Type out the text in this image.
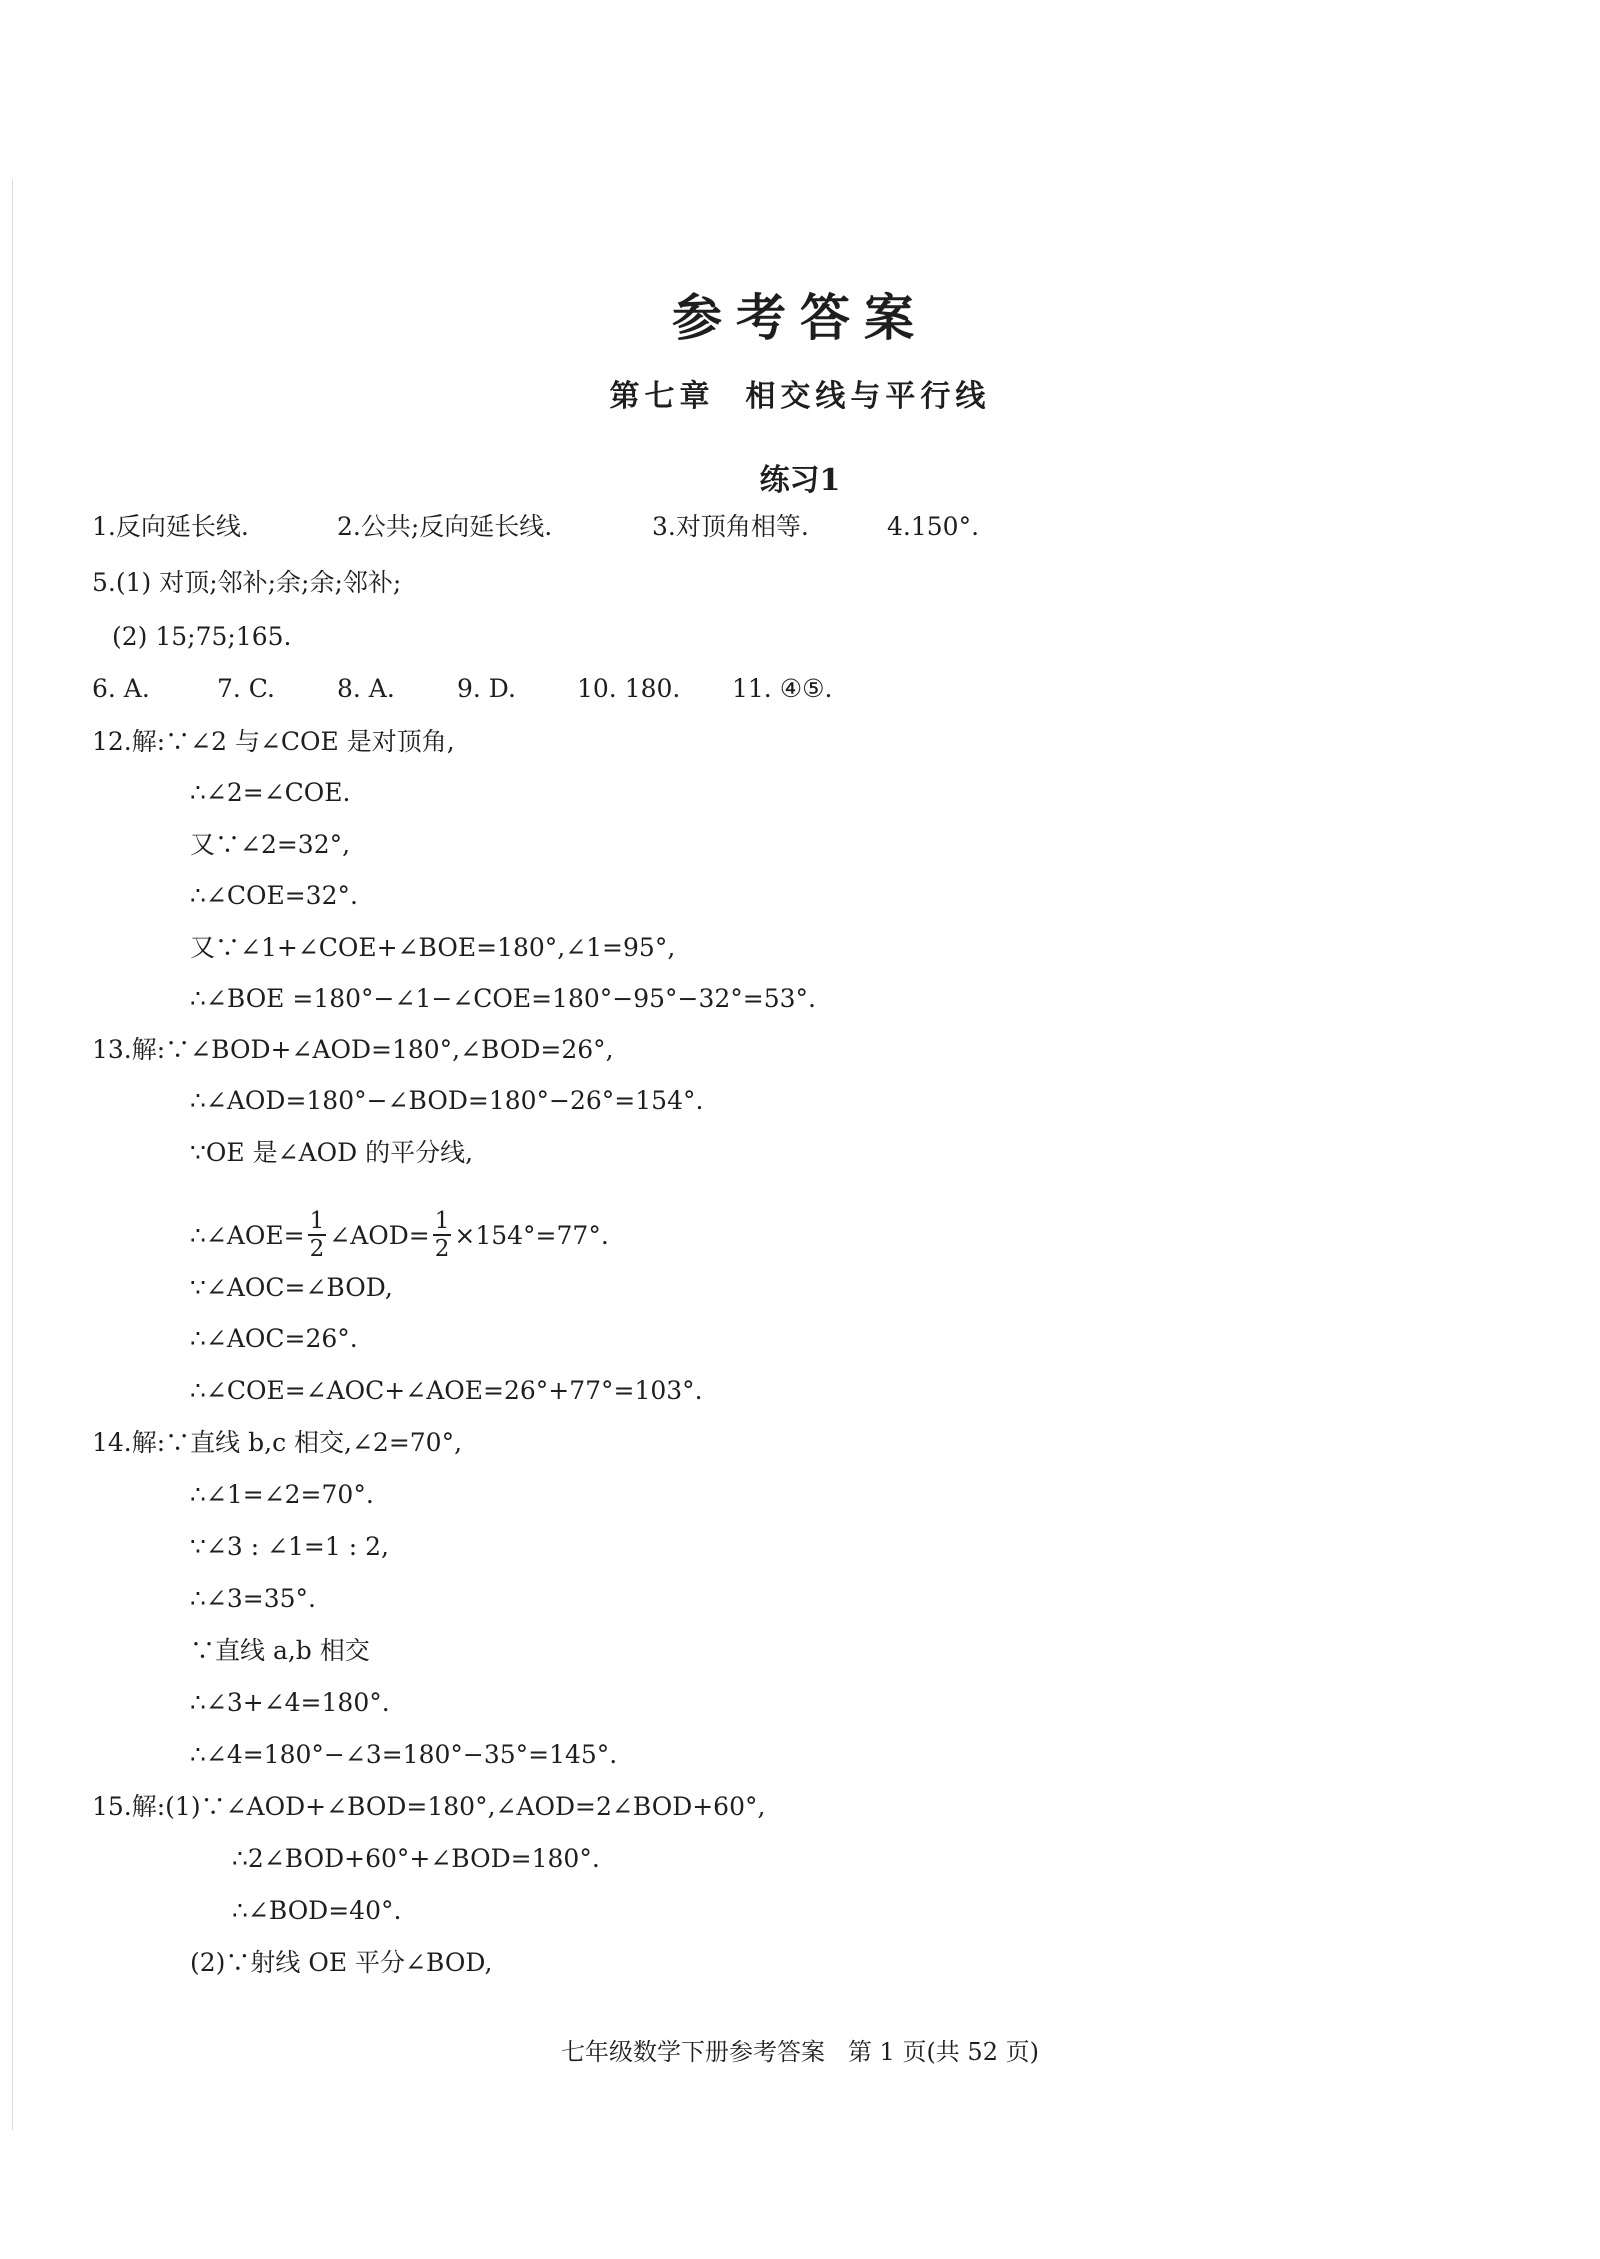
参考答案
第七章  相交线与平行线
练习1
1.反向延长线.	2.公共;反向延长线.	3.对顶角相等.	4.150°.
5.(1) 对顶;邻补;余;余;邻补;
(2) 15;75;165.
6. A.	7. C. 8. A. 9. D. 10. 180. 11. ④⑤.
12.解:∵∠2 与∠COE 是对顶角,
∴∠2=∠COE.
又∵∠2=32°,
∴∠COE=32°.
又∵∠1+∠COE+∠BOE=180°,∠1=95°,
∴∠BOE =180°−∠1−∠COE=180°−95°−32°=53°.
13.解:∵∠BOD+∠AOD=180°,∠BOD=26°,
∴∠AOD=180°−∠BOD=180°−26°=154°.
∵OE 是∠AOD 的平分线,
∴∠AOE= $\frac{1}{2}$ ∠AOD= $\frac{1}{2} \times 154^\circ=77^\circ$.
∵∠AOC=∠BOD,
∴∠AOC=26°.
∴∠COE=∠AOC+∠AOE=26°+77°=103°.
14.解:∵直线 b,c 相交,∠2=70°,
∴∠1=∠2=70°.
∵∠3 : ∠1=1 : 2,
∴∠3=35°.
∵直线 a,b 相交
∴∠3+∠4=180°.
∴∠4=180°−∠3=180°−35°=145°.
15.解:(1)∵∠AOD+∠BOD=180°,∠AOD=2∠BOD+60°,
∴2∠BOD+60°+∠BOD=180°.
∴∠BOD=40°.
(2)∵射线 OE 平分∠BOD,
七年级数学下册参考答案   第 1 页(共 52 页)
